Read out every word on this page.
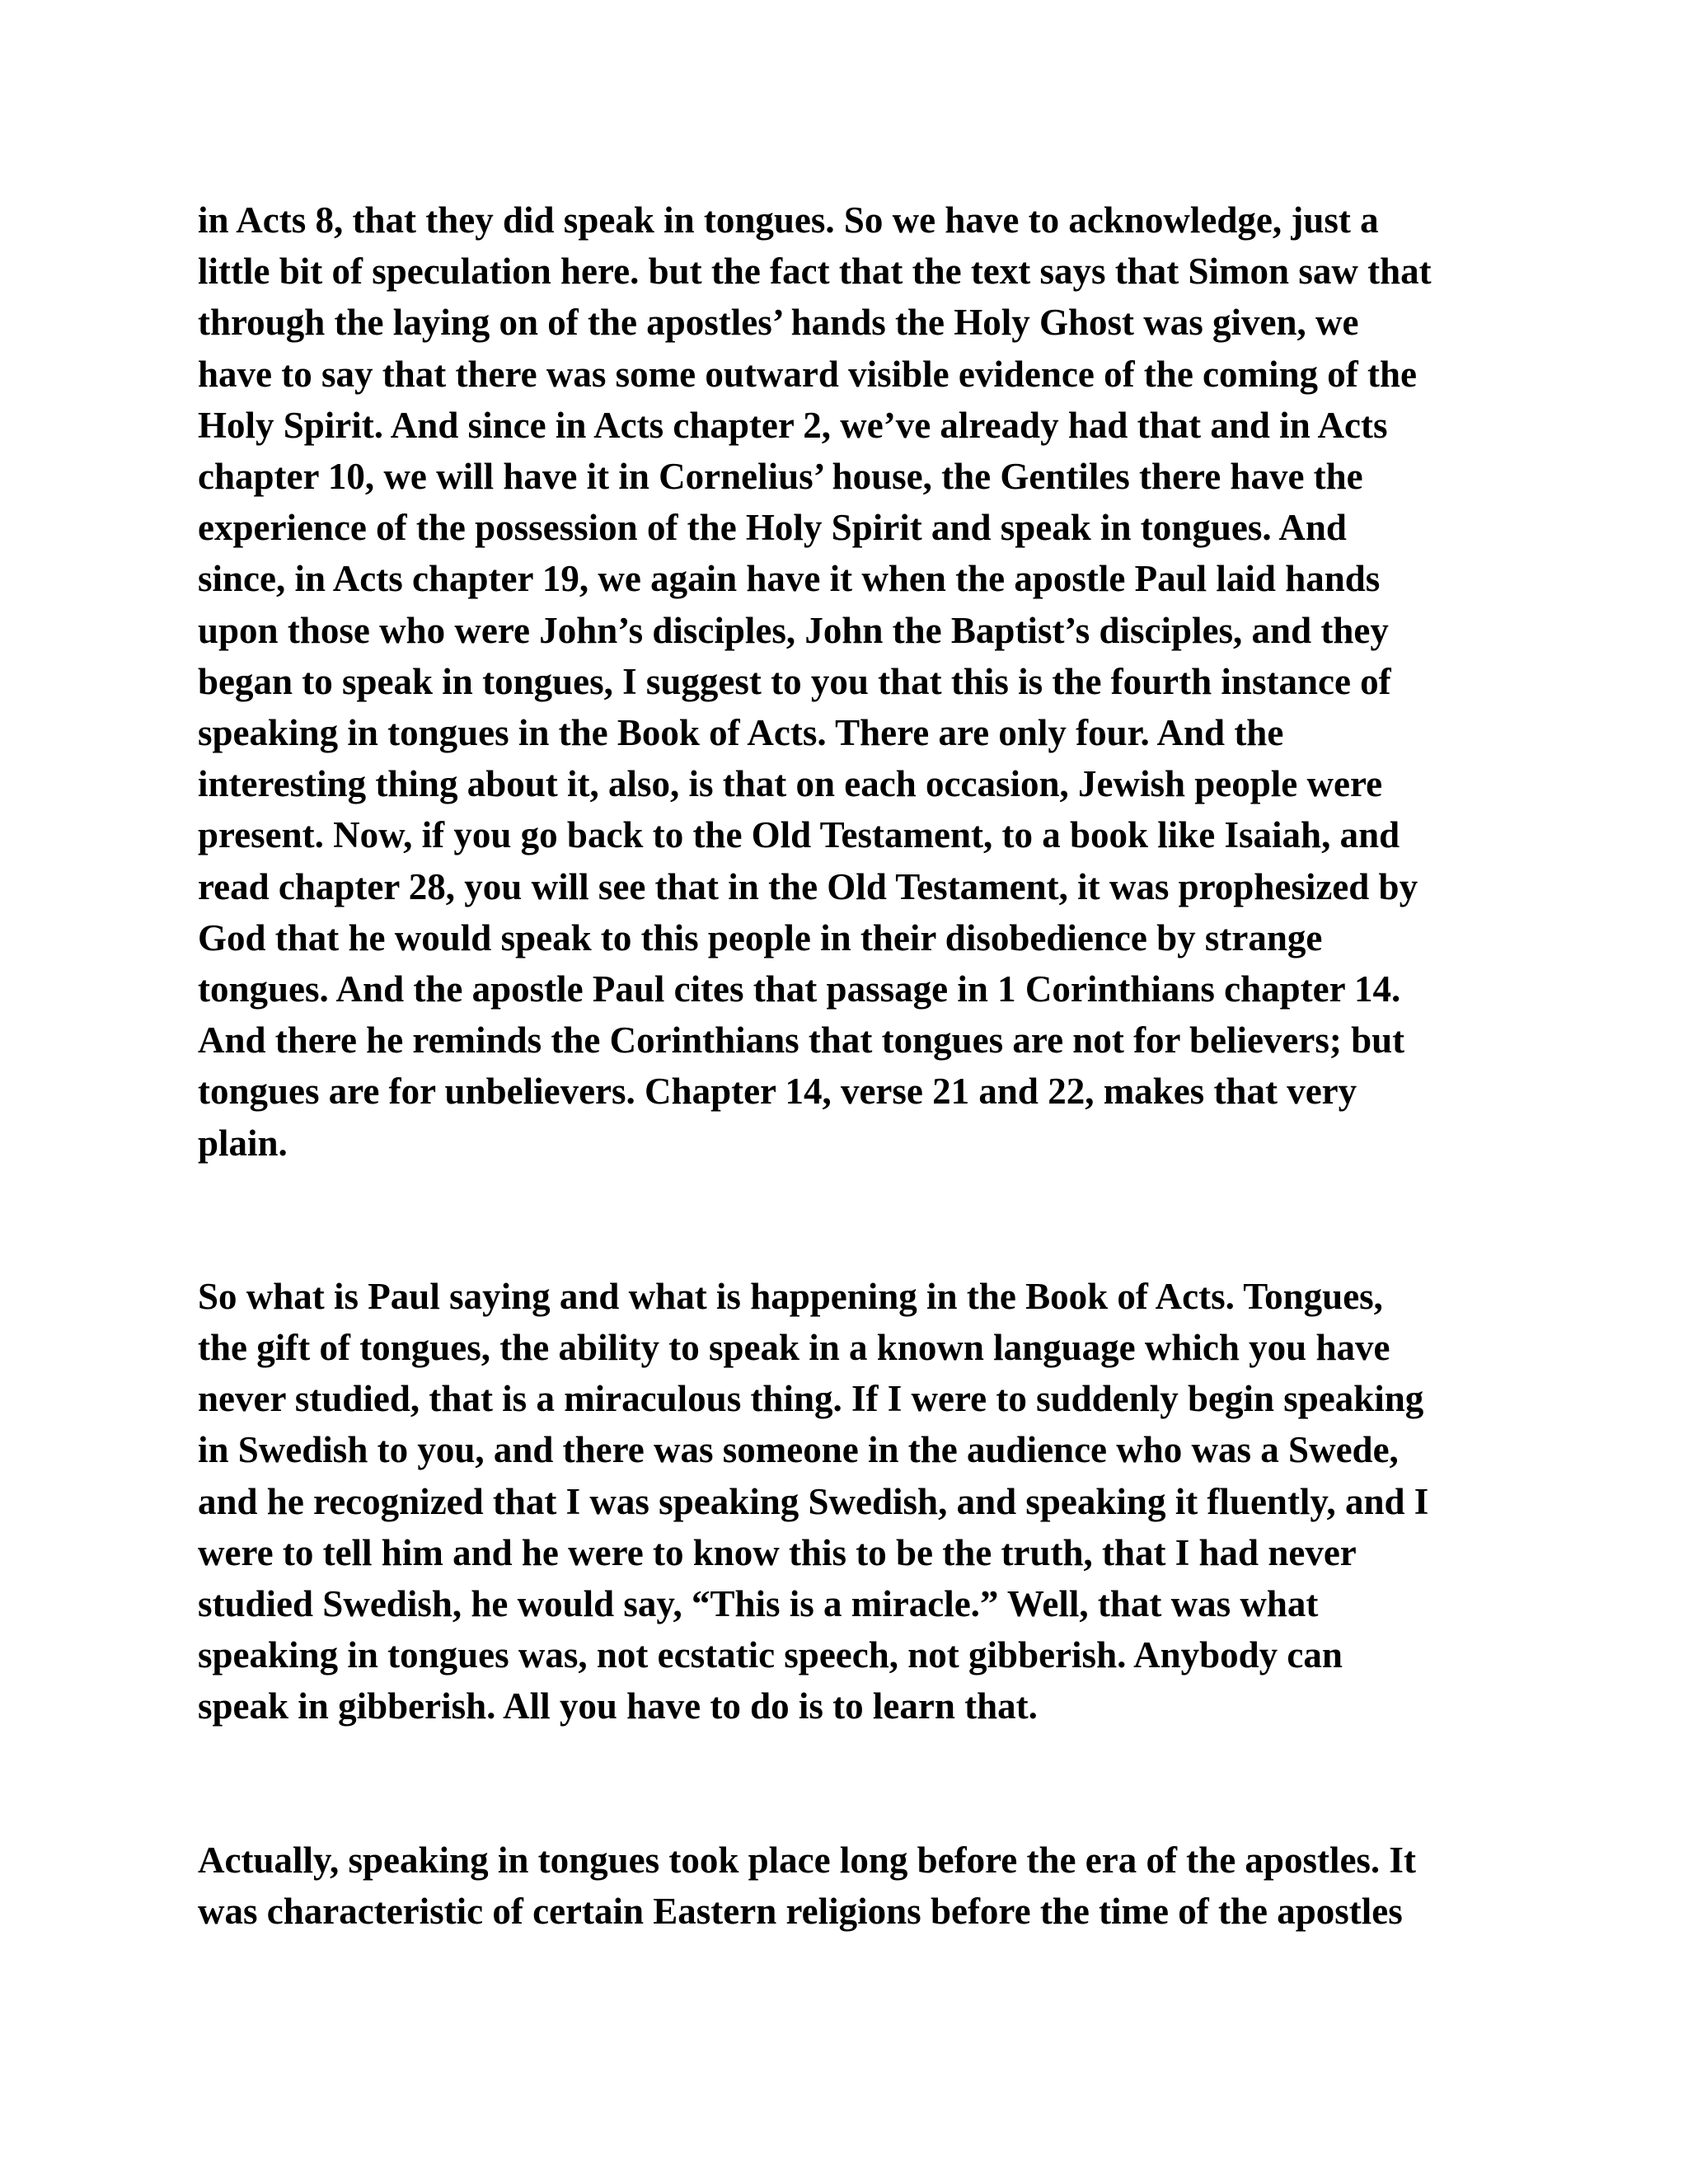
in Acts 8, that they did speak in tongues. So we have to acknowledge, just a
little bit of speculation here. but the fact that the text says that Simon saw that
through the laying on of the apostles’ hands the Holy Ghost was given, we
have to say that there was some outward visible evidence of the coming of the
Holy Spirit. And since in Acts chapter 2, we’ve already had that and in Acts
chapter 10, we will have it in Cornelius’ house, the Gentiles there have the
experience of the possession of the Holy Spirit and speak in tongues. And
since, in Acts chapter 19, we again have it when the apostle Paul laid hands
upon those who were John’s disciples, John the Baptist’s disciples, and they
began to speak in tongues, I suggest to you that this is the fourth instance of
speaking in tongues in the Book of Acts. There are only four. And the
interesting thing about it, also, is that on each occasion, Jewish people were
present. Now, if you go back to the Old Testament, to a book like Isaiah, and
read chapter 28, you will see that in the Old Testament, it was prophesized by
God that he would speak to this people in their disobedience by strange
tongues. And the apostle Paul cites that passage in 1 Corinthians chapter 14.
And there he reminds the Corinthians that tongues are not for believers; but
tongues are for unbelievers. Chapter 14, verse 21 and 22, makes that very
plain.
So what is Paul saying and what is happening in the Book of Acts. Tongues,
the gift of tongues, the ability to speak in a known language which you have
never studied, that is a miraculous thing. If I were to suddenly begin speaking
in Swedish to you, and there was someone in the audience who was a Swede,
and he recognized that I was speaking Swedish, and speaking it fluently, and I
were to tell him and he were to know this to be the truth, that I had never
studied Swedish, he would say, “This is a miracle.” Well, that was what
speaking in tongues was, not ecstatic speech, not gibberish. Anybody can
speak in gibberish. All you have to do is to learn that.
Actually, speaking in tongues took place long before the era of the apostles. It
was characteristic of certain Eastern religions before the time of the apostles
